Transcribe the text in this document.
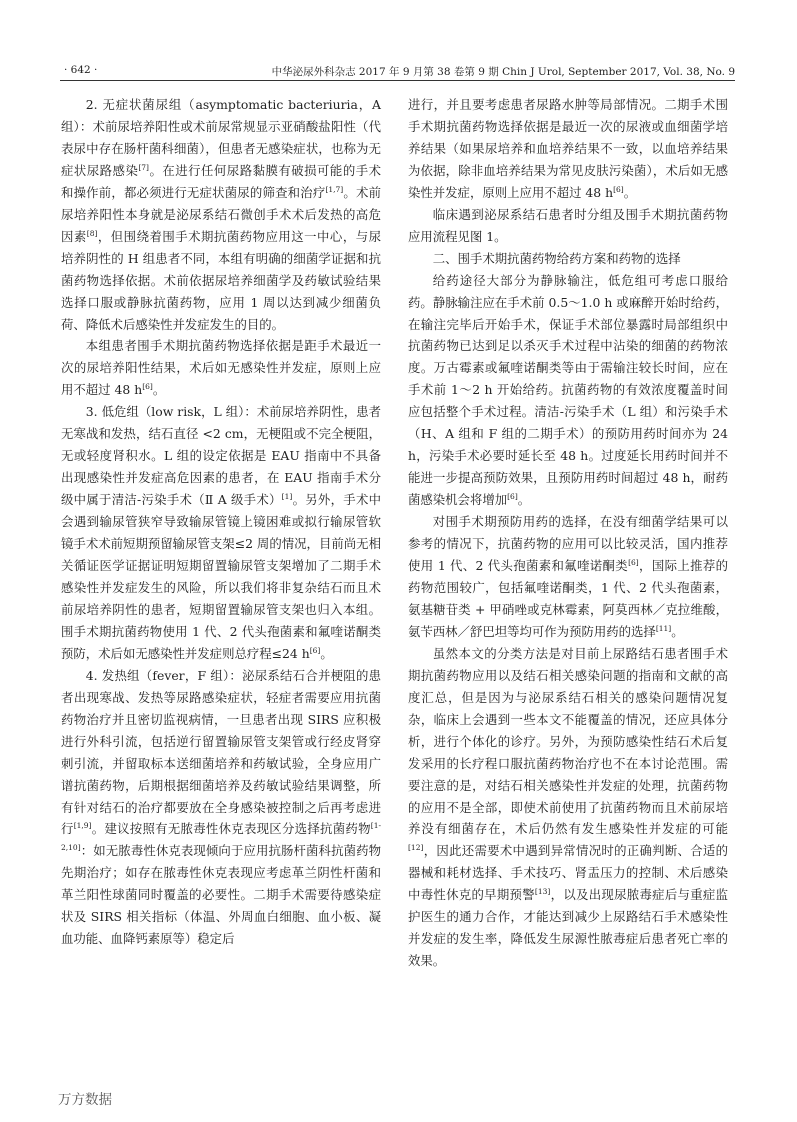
· 642 ·	中华泌尿外科杂志 2017 年 9 月第 38 卷第 9 期 Chin J Urol, September 2017, Vol. 38, No. 9

2. 无症状菌尿组（asymptomatic bacteriuria，A 组）：术前尿培养阳性或术前尿常规显示亚硝酸盐阳性（代表尿中存在肠杆菌科细菌），但患者无感染症状，也称为无症状尿路感染[7]。在进行任何尿路黏膜有破损可能的手术和操作前，都必须进行无症状菌尿的筛查和治疗[1,7]。术前尿培养阳性本身就是泌尿系结石微创手术术后发热的高危因素[8]，但围绕着围手术期抗菌药物应用这一中心，与尿培养阴性的 H 组患者不同，本组有明确的细菌学证据和抗菌药物选择依据。术前依据尿培养细菌学及药敏试验结果选择口服或静脉抗菌药物，应用 1 周以达到减少细菌负荷、降低术后感染性并发症发生的目的。

本组患者围手术期抗菌药物选择依据是距手术最近一次的尿培养阳性结果，术后如无感染性并发症，原则上应用不超过 48 h[6]。

3. 低危组（low risk，L 组）：术前尿培养阴性，患者无寒战和发热，结石直径 <2 cm，无梗阻或不完全梗阻，无或轻度肾积水。L 组的设定依据是 EAU 指南中不具备出现感染性并发症高危因素的患者，在 EAU 指南手术分级中属于清洁-污染手术（Ⅱ A 级手术）[1]。另外，手术中会遇到输尿管狭窄导致输尿管镜上镜困难或拟行输尿管软镜手术术前短期预留输尿管支架≤2 周的情况，目前尚无相关循证医学证据证明短期留置输尿管支架增加了二期手术感染性并发症发生的风险，所以我们将非复杂结石而且术前尿培养阴性的患者，短期留置输尿管支架也归入本组。围手术期抗菌药物使用 1 代、2 代头孢菌素和氟喹诺酮类预防，术后如无感染性并发症则总疗程≤24 h[6]。

4. 发热组（fever，F 组）：泌尿系结石合并梗阻的患者出现寒战、发热等尿路感染症状，轻症者需要应用抗菌药物治疗并且密切监视病情，一旦患者出现 SIRS 应积极进行外科引流，包括逆行留置输尿管支架管或行经皮肾穿刺引流，并留取标本送细菌培养和药敏试验，全身应用广谱抗菌药物，后期根据细菌培养及药敏试验结果调整，所有针对结石的治疗都要放在全身感染被控制之后再考虑进行[1,9]。建议按照有无脓毒性休克表现区分选择抗菌药物[1-2,10]：如无脓毒性休克表现倾向于应用抗肠杆菌科抗菌药物先期治疗；如存在脓毒性休克表现应考虑革兰阴性杆菌和革兰阳性球菌同时覆盖的必要性。二期手术需要待感染症状及 SIRS 相关指标（体温、外周血白细胞、血小板、凝血功能、血降钙素原等）稳定后

进行，并且要考虑患者尿路水肿等局部情况。二期手术围手术期抗菌药物选择依据是最近一次的尿液或血细菌学培养结果（如果尿培养和血培养结果不一致，以血培养结果为依据，除非血培养结果为常见皮肤污染菌），术后如无感染性并发症，原则上应用不超过 48 h[6]。

临床遇到泌尿系结石患者时分组及围手术期抗菌药物应用流程见图 1。

二、围手术期抗菌药物给药方案和药物的选择

给药途径大部分为静脉输注，低危组可考虑口服给药。静脉输注应在手术前 0.5～1.0 h 或麻醉开始时给药，在输注完毕后开始手术，保证手术部位暴露时局部组织中抗菌药物已达到足以杀灭手术过程中沾染的细菌的药物浓度。万古霉素或氟喹诺酮类等由于需输注较长时间，应在手术前 1～2 h 开始给药。抗菌药物的有效浓度覆盖时间应包括整个手术过程。清洁-污染手术（L 组）和污染手术（H、A 组和 F 组的二期手术）的预防用药时间亦为 24 h，污染手术必要时延长至 48 h。过度延长用药时间并不能进一步提高预防效果，且预防用药时间超过 48 h，耐药菌感染机会将增加[6]。

对围手术期预防用药的选择，在没有细菌学结果可以参考的情况下，抗菌药物的应用可以比较灵活，国内推荐使用 1 代、2 代头孢菌素和氟喹诺酮类[6]，国际上推荐的药物范围较广，包括氟喹诺酮类，1 代、2 代头孢菌素，氨基糖苷类 + 甲硝唑或克林霉素，阿莫西林／克拉维酸，氨苄西林／舒巴坦等均可作为预防用药的选择[11]。

虽然本文的分类方法是对目前上尿路结石患者围手术期抗菌药物应用以及结石相关感染问题的指南和文献的高度汇总，但是因为与泌尿系结石相关的感染问题情况复杂，临床上会遇到一些本文不能覆盖的情况，还应具体分析，进行个体化的诊疗。另外，为预防感染性结石术后复发采用的长疗程口服抗菌药物治疗也不在本讨论范围。需要注意的是，对结石相关感染性并发症的处理，抗菌药物的应用不是全部，即使术前使用了抗菌药物而且术前尿培养没有细菌存在，术后仍然有发生感染性并发症的可能[12]，因此还需要术中遇到异常情况时的正确判断、合适的器械和耗材选择、手术技巧、肾盂压力的控制、术后感染中毒性休克的早期预警[13]，以及出现尿脓毒症后与重症监护医生的通力合作，才能达到减少上尿路结石手术感染性并发症的发生率，降低发生尿源性脓毒症后患者死亡率的效果。

万方数据
